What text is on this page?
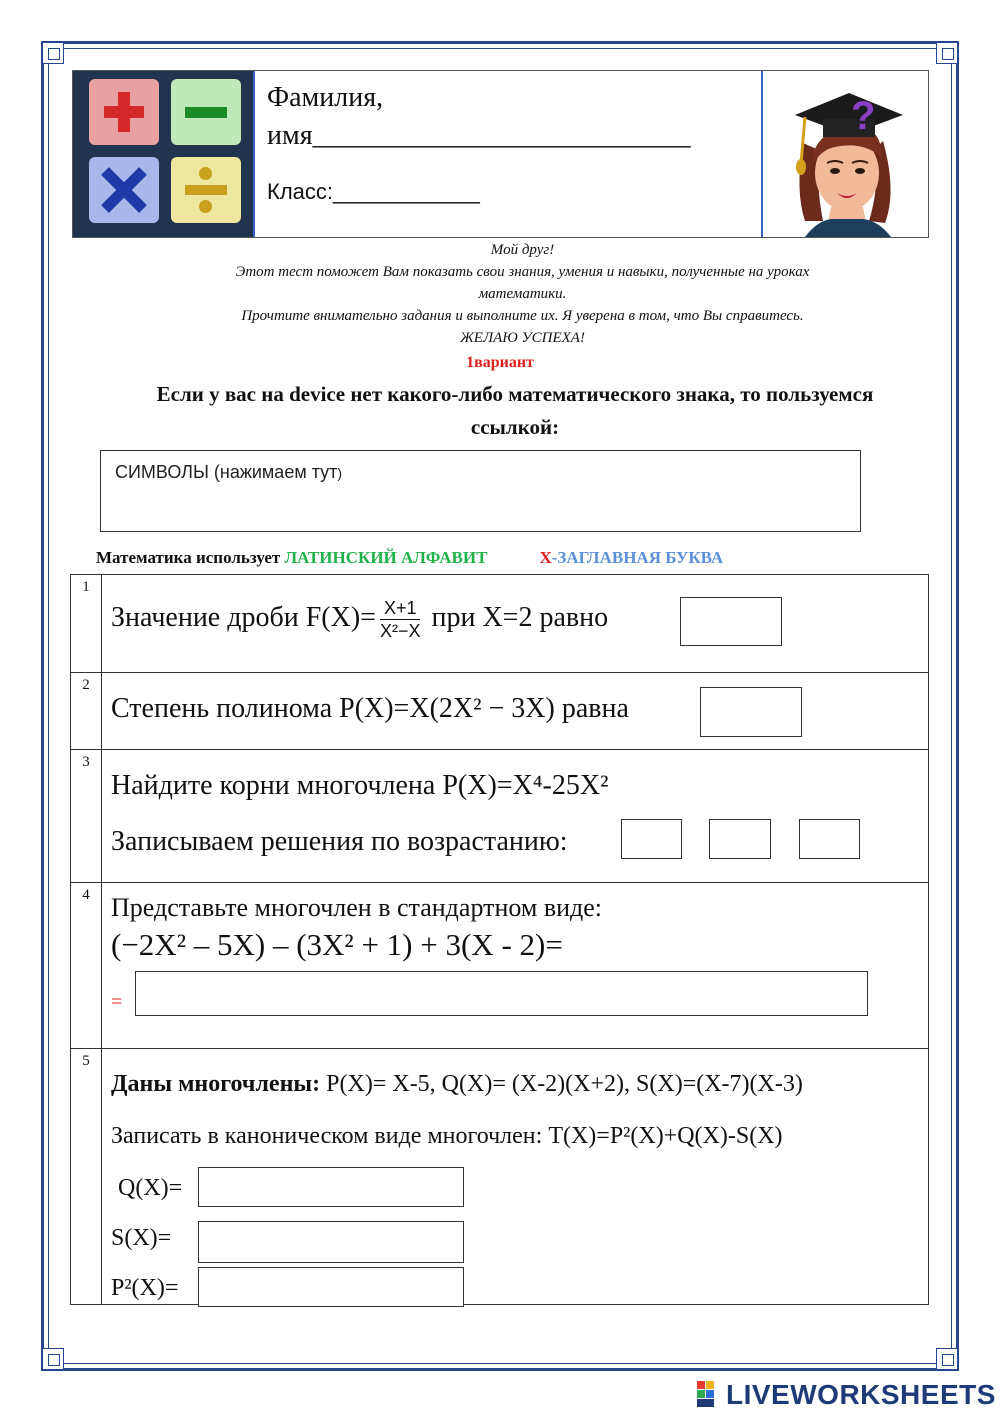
Фамилия,
имя___________________________
Класс:____________
?
Мой друг!
Этот тест поможет Вам показать свои знания, умения и навыки, полученные на уроках
математики.
Прочтите внимательно задания и выполните их. Я уверена в том, что Вы справитесь.
ЖЕЛАЮ УСПЕХА!
1вариант
Если у вас на device нет какого-либо математического знака, то пользуемся
ссылкой:
СИМВОЛЫ (нажимаем тут)
Математика использует ЛАТИНСКИЙ АЛФАВИТ	Х-ЗАГЛАВНАЯ БУКВА
1
Значение дроби $F(X)= \frac{X+1}{\text{X²−X}}$ при X=2 равно
2
Степень полинома P(X)=X(2X² − 3X) равна
3
Найдите корни многочлена P(X)=X⁴-25X²
Записываем решения по возрастанию:
4 Представьте многочлен в стандартном виде:
(−2X² – 5X) – (3X² + 1) + 3(X - 2)=
=
5
Даны многочлены: P(X)= X-5, Q(X)= (X-2)(X+2), S(X)=(X-7)(X-3)
Записать в каноническом виде многочлен: T(X)=P²(X)+Q(X)-S(X)
Q(X)=
S(X)=
P²(X)=
LIVEWORKSHEETS
